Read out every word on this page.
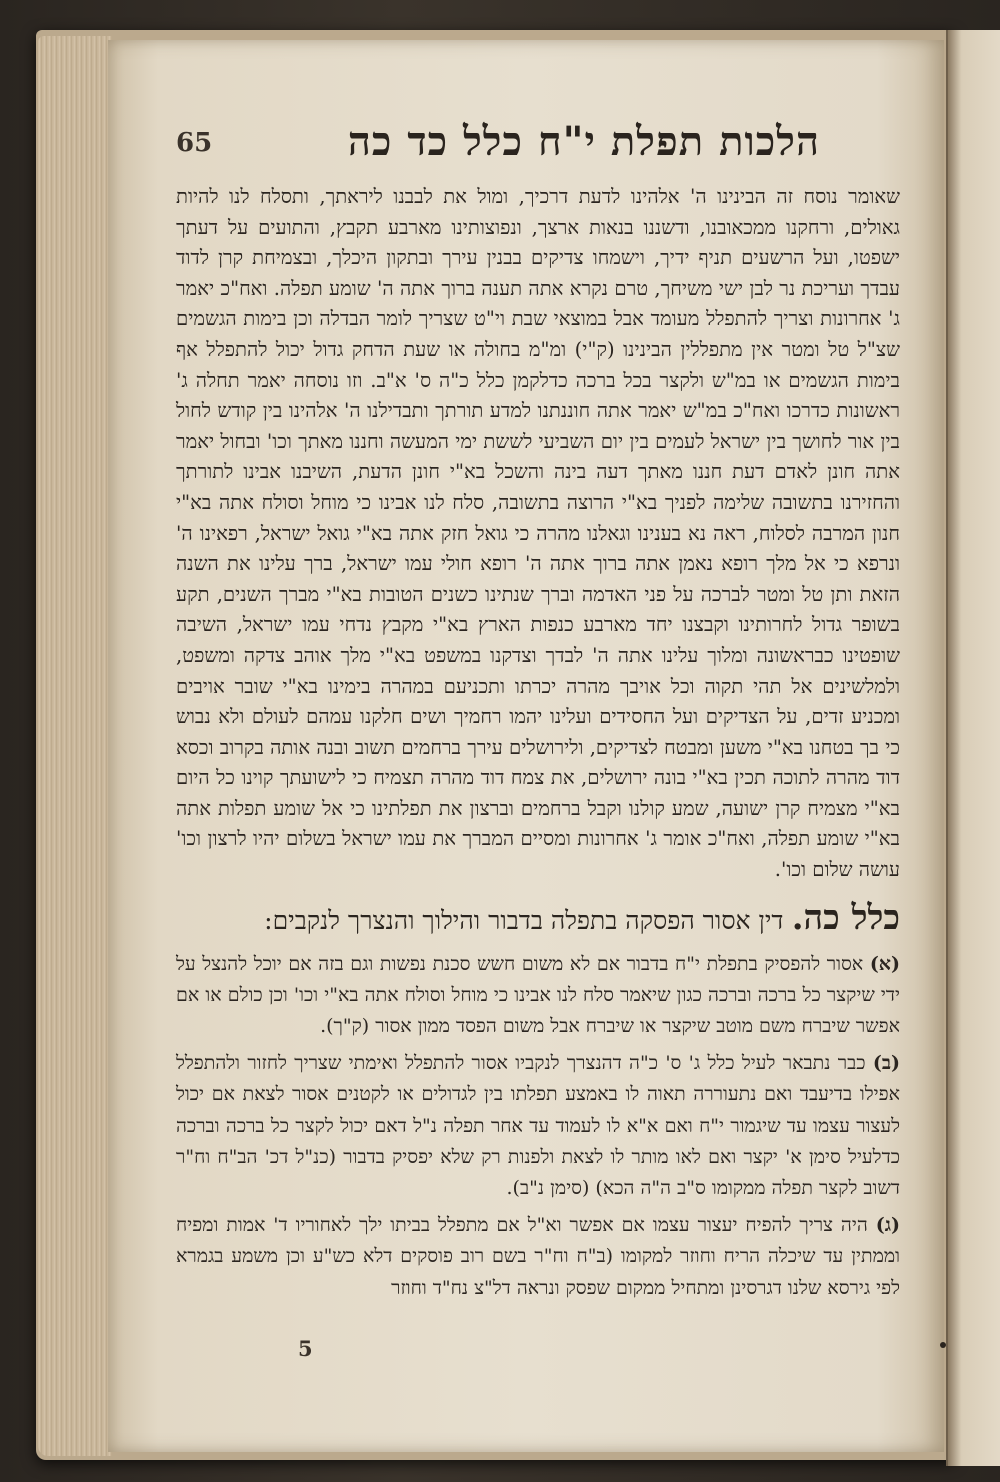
65	הלכות תפלת י"ח כלל כד כה

שאומר נוסח זה הבינינו ה' אלהינו לדעת דרכיך, ומול את לבבנו ליראתך, ותסלח לנו להיות גאולים, ורחקנו ממכאובנו, ודשננו בנאות ארצך, ונפוצותינו מארבע תקבץ, והתועים על דעתך ישפטו, ועל הרשעים תניף ידיך, וישמחו צדיקים בבנין עירך ובתקון היכלך, ובצמיחת קרן לדוד עבדך ועריכת נר לבן ישי משיחך, טרם נקרא אתה תענה ברוך אתה ה' שומע תפלה. ואח"כ יאמר ג' אחרונות וצריך להתפלל מעומד אבל במוצאי שבת וי"ט שצריך לומר הבדלה וכן בימות הגשמים שצ"ל טל ומטר אין מתפללין הבינינו (ק"י) ומ"מ בחולה או שעת הדחק גדול יכול להתפלל אף בימות הגשמים או במ"ש ולקצר בכל ברכה כדלקמן כלל כ"ה ס' א"ב. וזו נוסחה יאמר תחלה ג' ראשונות כדרכו ואח"כ במ"ש יאמר אתה חוננתנו למדע תורתך ותבדילנו ה' אלהינו בין קודש לחול בין אור לחושך בין ישראל לעמים בין יום השביעי לששת ימי המעשה וחננו מאתך וכו' ובחול יאמר אתה חונן לאדם דעת חננו מאתך דעה בינה והשכל בא"י חונן הדעת, השיבנו אבינו לתורתך והחזירנו בתשובה שלימה לפניך בא"י הרוצה בתשובה, סלח לנו אבינו כי מוחל וסולח אתה בא"י חנון המרבה לסלוח, ראה נא בענינו וגאלנו מהרה כי גואל חזק אתה בא"י גואל ישראל, רפאינו ה' ונרפא כי אל מלך רופא נאמן אתה ברוך אתה ה' רופא חולי עמו ישראל, ברך עלינו את השנה הזאת ותן טל ומטר לברכה על פני האדמה וברך שנתינו כשנים הטובות בא"י מברך השנים, תקע בשופר גדול לחרותינו וקבצנו יחד מארבע כנפות הארץ בא"י מקבץ נדחי עמו ישראל, השיבה שופטינו כבראשונה ומלוך עלינו אתה ה' לבדך וצדקנו במשפט בא"י מלך אוהב צדקה ומשפט, ולמלשינים אל תהי תקוה וכל אויבך מהרה יכרתו ותכניעם במהרה בימינו בא"י שובר אויבים ומכניע זדים, על הצדיקים ועל החסידים ועלינו יהמו רחמיך ושים חלקנו עמהם לעולם ולא נבוש כי בך בטחנו בא"י משען ומבטח לצדיקים, ולירושלים עירך ברחמים תשוב ובנה אותה בקרוב וכסא דוד מהרה לתוכה תכין בא"י בונה ירושלים, את צמח דוד מהרה תצמיח כי לישועתך קוינו כל היום בא"י מצמיח קרן ישועה, שמע קולנו וקבל ברחמים וברצון את תפלתינו כי אל שומע תפלות אתה בא"י שומע תפלה, ואח"כ אומר ג' אחרונות ומסיים המברך את עמו ישראל בשלום יהיו לרצון וכו' עושה שלום וכו'.

כלל כה. דין אסור הפסקה בתפלה בדבור והילוך והנצרך לנקבים:

(א) אסור להפסיק בתפלת י"ח בדבור אם לא משום חשש סכנת נפשות וגם בזה אם יוכל להנצל על ידי שיקצר כל ברכה וברכה כגון שיאמר סלח לנו אבינו כי מוחל וסולח אתה בא"י וכו' וכן כולם או אם אפשר שיברח משם מוטב שיקצר או שיברח אבל משום הפסד ממון אסור (ק"ך).

(ב) כבר נתבאר לעיל כלל ג' ס' כ"ה דהנצרך לנקביו אסור להתפלל ואימתי שצריך לחזור ולהתפלל אפילו בדיעבד ואם נתעוררה תאוה לו באמצע תפלתו בין לגדולים או לקטנים אסור לצאת אם יכול לעצור עצמו עד שיגמור י"ח ואם א"א לו לעמוד עד אחר תפלה נ"ל דאם יכול לקצר כל ברכה וברכה כדלעיל סימן א' יקצר ואם לאו מותר לו לצאת ולפנות רק שלא יפסיק בדבור (כנ"ל דכ' הב"ח וח"ר דשוב לקצר תפלה ממקומו ס"ב ה"ה הכא) (סימן נ"ב).

(ג) היה צריך להפיח יעצור עצמו אם אפשר וא"ל אם מתפלל בביתו ילך לאחוריו ד' אמות ומפיח וממתין עד שיכלה הריח וחוזר למקומו (ב"ח וח"ר בשם רוב פוסקים דלא כש"ע וכן משמע בגמרא לפי גירסא שלנו דגרסינן ומתחיל ממקום שפסק ונראה דל"צ נח"ד וחוזר

5
